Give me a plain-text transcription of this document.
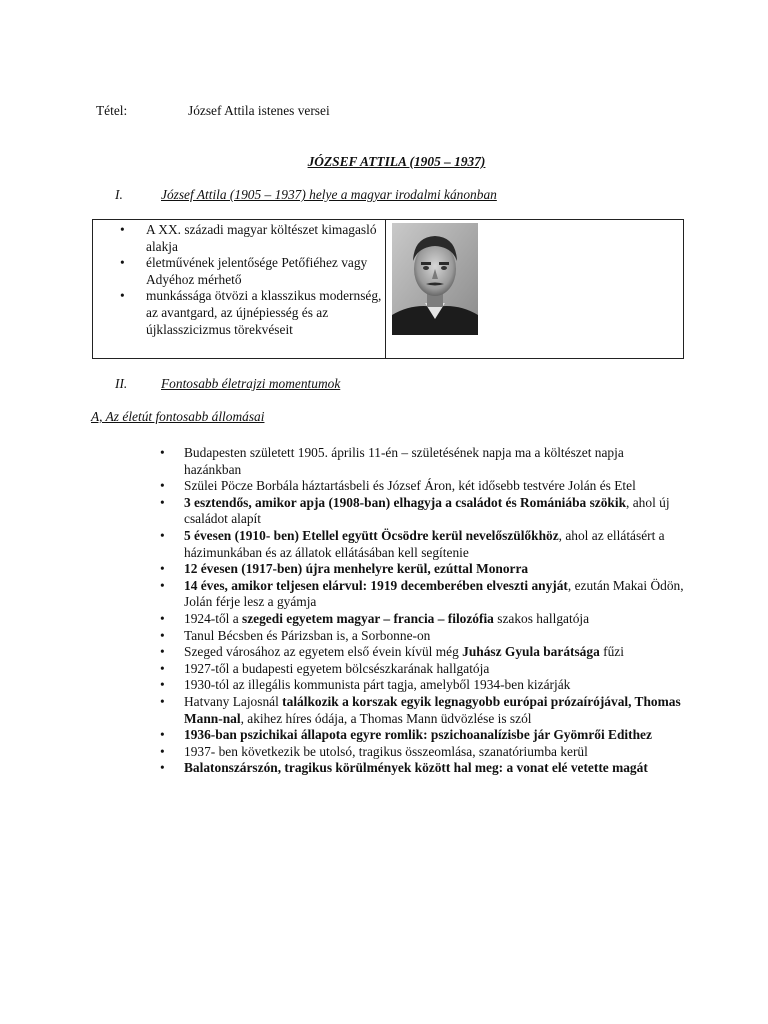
Tétel:	József Attila istenes versei
JÓZSEF ATTILA (1905 – 1937)
I.	József Attila (1905 – 1937) helye a magyar irodalmi kánonban
• A XX. századi magyar költészet kimagasló alakja
• életművének jelentősége Petőfiéhez vagy Adyéhoz mérhető
• munkássága ötvözi a klasszikus modernség, az avantgard, az újnépiesség és az újklasszicizmus törekvéseit

II.	Fontosabb életrajzi momentumok
A, Az életút fontosabb állomásai
• Budapesten született 1905. április 11-én – születésének napja ma a költészet napja hazánkban
• Szülei Pöcze Borbála háztartásbeli és József Áron, két idősebb testvére Jolán és Etel
• 3 esztendős, amikor apja (1908-ban) elhagyja a családot és Romániába szökik, ahol új családot alapít
• 5 évesen (1910- ben) Etellel együtt Öcsödre kerül nevelőszülőkhöz, ahol az ellátásért a házimunkában és az állatok ellátásában kell segítenie
• 12 évesen (1917-ben) újra menhelyre kerül, ezúttal Monorra
• 14 éves, amikor teljesen elárvul: 1919 decemberében elveszti anyját, ezután Makai Ödön, Jolán férje lesz a gyámja
• 1924-től a szegedi egyetem magyar – francia – filozófia szakos hallgatója
• Tanul Bécsben és Párizsban is, a Sorbonne-on
• Szeged városához az egyetem első évein kívül még Juhász Gyula barátsága fűzi
• 1927-től a budapesti egyetem bölcsészkarának hallgatója
• 1930-tól az illegális kommunista párt tagja, amelyből 1934-ben kizárják
• Hatvany Lajosnál találkozik a korszak egyik legnagyobb európai prózaírójával, Thomas Mann-nal, akihez híres ódája, a Thomas Mann üdvözlése is szól
• 1936-ban pszichikai állapota egyre romlik: pszichoanalízisbe jár Gyömrői Edithez
• 1937- ben következik be utolsó, tragikus összeomlása, szanatóriumba kerül
• Balatonszárszón, tragikus körülmények között hal meg: a vonat elé vetette magát
